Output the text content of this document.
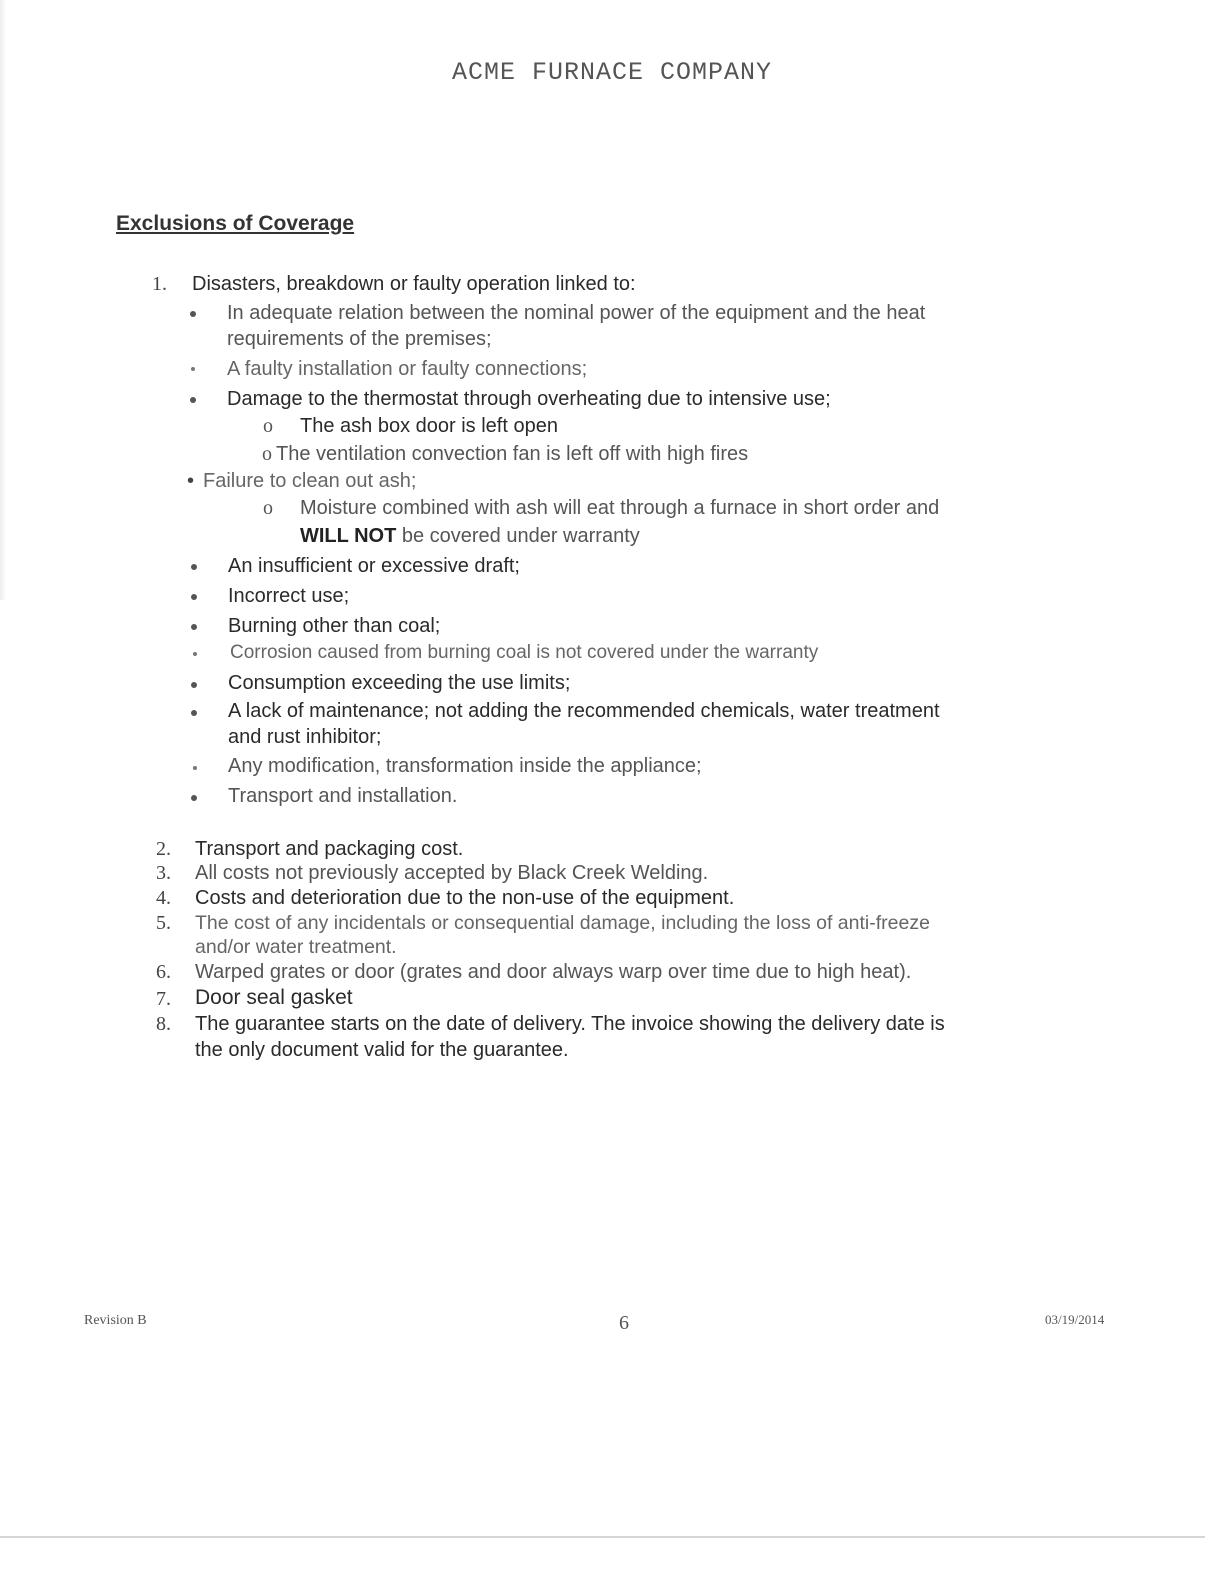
ACME FURNACE COMPANY
Exclusions of Coverage
1. Disasters, breakdown or faulty operation linked to:
In adequate relation between the nominal power of the equipment and the heat
requirements of the premises;
A faulty installation or faulty connections;
Damage to the thermostat through overheating due to intensive use;
o The ash box door is left open
o The ventilation convection fan is left off with high fires
• Failure to clean out ash;
o Moisture combined with ash will eat through a furnace in short order and
WILL NOT be covered under warranty
An insufficient or excessive draft;
Incorrect use;
Burning other than coal;
Corrosion caused from burning coal is not covered under the warranty
Consumption exceeding the use limits;
A lack of maintenance; not adding the recommended chemicals, water treatment
and rust inhibitor;
Any modification, transformation inside the appliance;
Transport and installation.
2. Transport and packaging cost.
3. All costs not previously accepted by Black Creek Welding.
4. Costs and deterioration due to the non-use of the equipment.
5. The cost of any incidentals or consequential damage, including the loss of anti-freeze
and/or water treatment.
6. Warped grates or door (grates and door always warp over time due to high heat).
7. Door seal gasket
8. The guarantee starts on the date of delivery. The invoice showing the delivery date is
the only document valid for the guarantee.
Revision B	6	03/19/2014
